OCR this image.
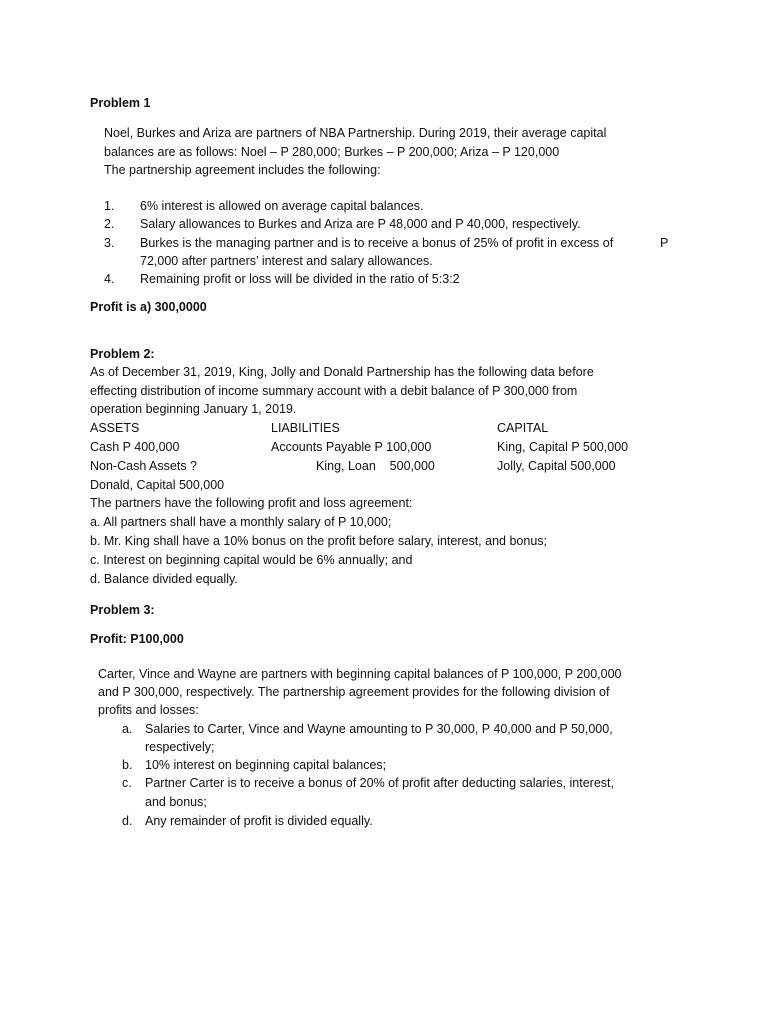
Problem 1
Noel, Burkes and Ariza are partners of NBA Partnership. During 2019, their average capital
balances are as follows: Noel – P 280,000; Burkes – P 200,000; Ariza – P 120,000
The partnership agreement includes the following:
1. 6% interest is allowed on average capital balances.
2. Salary allowances to Burkes and Ariza are P 48,000 and P 40,000, respectively.
3. Burkes is the managing partner and is to receive a bonus of 25% of profit in excess of	P
72,000 after partners’ interest and salary allowances.
4. Remaining profit or loss will be divided in the ratio of 5:3:2
Profit is a) 300,0000
Problem 2:
As of December 31, 2019, King, Jolly and Donald Partnership has the following data before
effecting distribution of income summary account with a debit balance of P 300,000 from
operation beginning January 1, 2019.
ASSETS	LIABILITIES	CAPITAL
Cash P 400,000	Accounts Payable P 100,000	King, Capital P 500,000
Non-Cash Assets ?	King, Loan    500,000	Jolly, Capital 500,000
Donald, Capital 500,000
The partners have the following profit and loss agreement:
a. All partners shall have a monthly salary of P 10,000;
b. Mr. King shall have a 10% bonus on the profit before salary, interest, and bonus;
c. Interest on beginning capital would be 6% annually; and
d. Balance divided equally.
Problem 3:
Profit: P100,000
Carter, Vince and Wayne are partners with beginning capital balances of P 100,000, P 200,000
and P 300,000, respectively. The partnership agreement provides for the following division of
profits and losses:
a. Salaries to Carter, Vince and Wayne amounting to P 30,000, P 40,000 and P 50,000,
respectively;
b. 10% interest on beginning capital balances;
c. Partner Carter is to receive a bonus of 20% of profit after deducting salaries, interest,
and bonus;
d. Any remainder of profit is divided equally.
